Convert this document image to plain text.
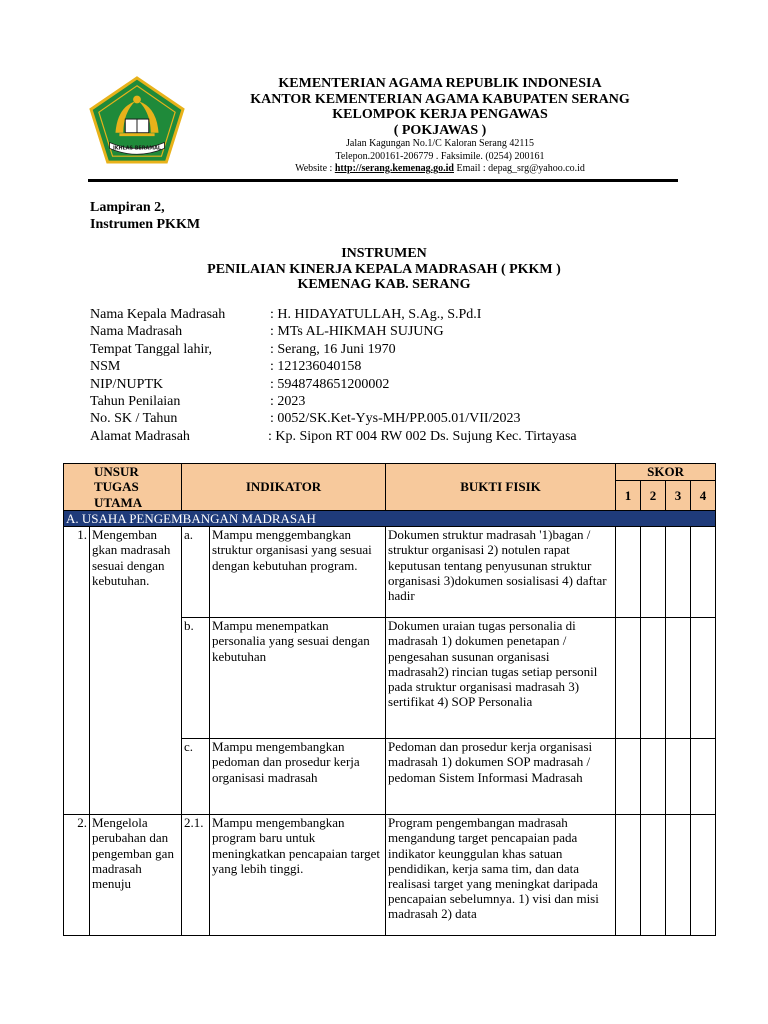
IKHLAS BERAMAL
KEMENTERIAN AGAMA REPUBLIK INDONESIA
KANTOR KEMENTERIAN AGAMA KABUPATEN SERANG
KELOMPOK KERJA PENGAWAS
( POKJAWAS )
Jalan Kagungan No.1/C Kaloran Serang 42115
Telepon.200161-206779 . Faksimile. (0254) 200161
Website : http://serang.kemenag.go.id Email : depag_srg@yahoo.co.id
Lampiran 2,
Instrumen PKKM
INSTRUMEN
PENILAIAN KINERJA KEPALA MADRASAH ( PKKM )
KEMENAG KAB. SERANG
Nama Kepala Madrasah	: H. HIDAYATULLAH, S.Ag., S.Pd.I
Nama Madrasah	: MTs AL-HIKMAH SUJUNG
Tempat Tanggal lahir,	: Serang, 16 Juni 1970
NSM	: 121236040158
NIP/NUPTK	: 5948748651200002
Tahun Penilaian	: 2023
No. SK / Tahun	: 0052/SK.Ket-Yys-MH/PP.005.01/VII/2023
Alamat Madrasah	: Kp. Sipon RT 004 RW 002 Ds. Sujung Kec. Tirtayasa
UNSUR TUGAS UTAMA		INDIKATOR		BUKTI FISIK	SKOR			
					1	2	3	4
A. USAHA PENGEMBANGAN MADRASAH								
1.	Mengemban gkan madrasah sesuai dengan kebutuhan.	a.	Mampu menggembangkan struktur organisasi yang sesuai dengan kebutuhan program.	Dokumen struktur madrasah '1)bagan / struktur organisasi 2) notulen rapat keputusan tentang penyusunan struktur organisasi 3)dokumen sosialisasi 4) daftar hadir				
		b.	Mampu menempatkan personalia yang sesuai dengan kebutuhan	Dokumen uraian tugas personalia di madrasah 1) dokumen penetapan / pengesahan susunan organisasi madrasah2) rincian tugas setiap personil pada struktur organisasi madrasah 3) sertifikat 4) SOP Personalia				
		c.	Mampu mengembangkan pedoman dan prosedur kerja organisasi madrasah	Pedoman dan prosedur kerja organisasi madrasah 1) dokumen SOP madrasah / pedoman Sistem Informasi Madrasah				
2.	Mengelola perubahan dan pengemban gan madrasah menuju	2.1.	Mampu mengembangkan program baru untuk meningkatkan pencapaian target yang lebih tinggi.	Program pengembangan madrasah mengandung target pencapaian pada indikator keunggulan khas satuan pendidikan, kerja sama tim, dan data realisasi target yang meningkat daripada pencapaian sebelumnya. 1) visi dan misi madrasah 2) data				
